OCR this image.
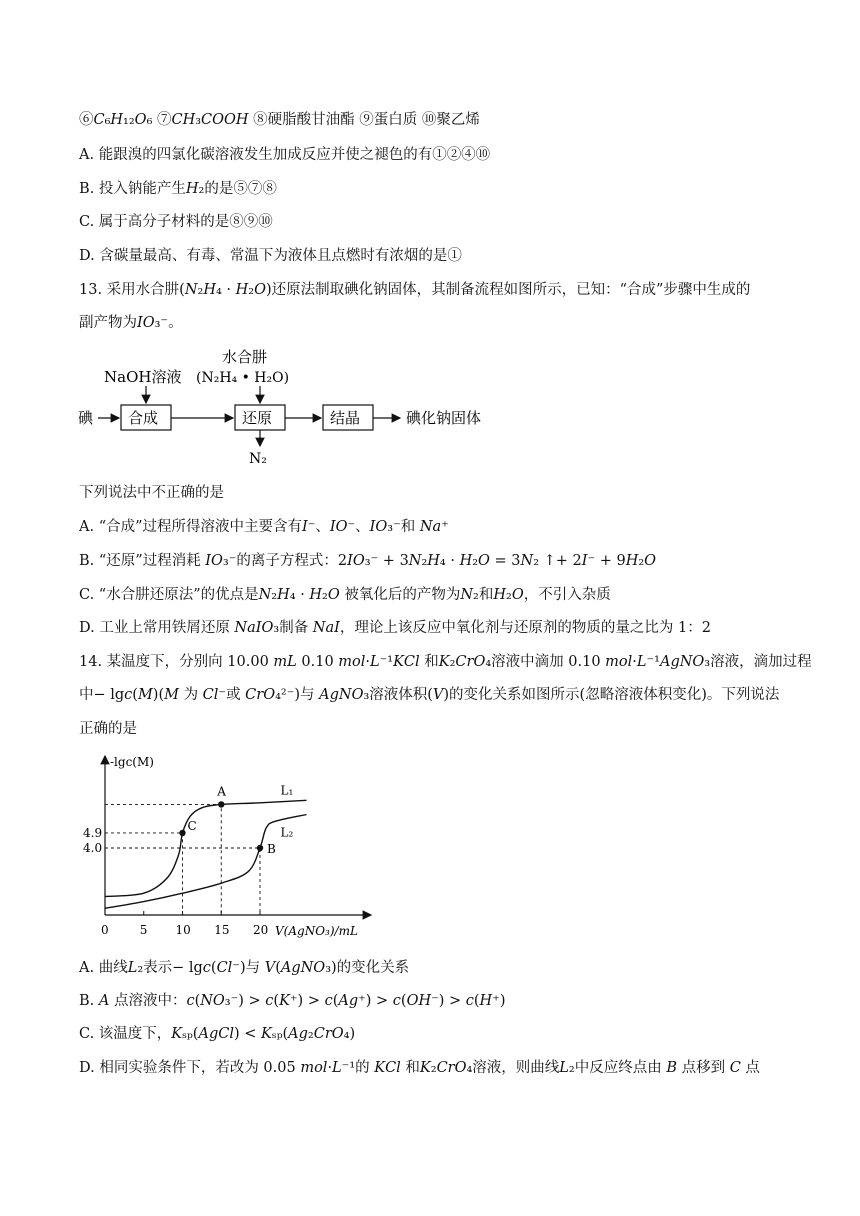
⑥𝐶₆𝐻₁₂𝑂₆ ⑦𝐶𝐻₃𝐶𝑂𝑂𝐻 ⑧硬脂酸甘油酯 ⑨蛋白质 ⑩聚乙烯
A. 能跟溴的四氯化碳溶液发生加成反应并使之褪色的有①②④⑩
B. 投入钠能产生𝐻₂的是⑤⑦⑧
C. 属于高分子材料的是⑧⑨⑩
D. 含碳量最高、有毒、常温下为液体且点燃时有浓烟的是①
13. 采用水合肼(𝑁₂𝐻₄ · 𝐻₂𝑂)还原法制取碘化钠固体，其制备流程如图所示，已知：“合成”步骤中生成的
副产物为𝐼𝑂₃⁻。
碘 合成
NaOH溶液
还原
水合肼
(N₂H₄ • H₂O)
N₂
结晶	碘化钠固体
下列说法中不正确的是
A. “合成”过程所得溶液中主要含有𝐼⁻、𝐼𝑂⁻、𝐼𝑂₃⁻和 𝑁𝑎⁺
B. “还原”过程消耗 𝐼𝑂₃⁻的离子方程式：2𝐼𝑂₃⁻ + 3𝑁₂𝐻₄ · 𝐻₂𝑂 = 3𝑁₂ ↑+ 2𝐼⁻ + 9𝐻₂𝑂
C. “水合肼还原法”的优点是𝑁₂𝐻₄ · 𝐻₂𝑂 被氧化后的产物为𝑁₂和𝐻₂𝑂，不引入杂质
D. 工业上常用铁屑还原 𝑁𝑎𝐼𝑂₃制备 𝑁𝑎𝐼，理论上该反应中氧化剂与还原剂的物质的量之比为 1：2
14. 某温度下，分别向 10.00 𝑚𝐿 0.10 𝑚𝑜𝑙·𝐿⁻¹𝐾𝐶𝑙 和𝐾₂𝐶𝑟𝑂₄溶液中滴加 0.10 𝑚𝑜𝑙·𝐿⁻¹𝐴𝑔𝑁𝑂₃溶液，滴加过程
中− lg𝑐(𝑀)(𝑀 为 𝐶𝑙⁻或 𝐶𝑟𝑂₄²⁻)与 𝐴𝑔𝑁𝑂₃溶液体积(𝑉)的变化关系如图所示(忽略溶液体积变化)。下列说法
正确的是
-lgc(M)
V(AgNO₃)/mL
0	5 10 15 20
4.9
4.0
L₁
L₂
A
B
C
A. 曲线𝐿₂表示− lg𝑐(𝐶𝑙⁻)与 𝑉(𝐴𝑔𝑁𝑂₃)的变化关系
B. 𝐴 点溶液中：𝑐(𝑁𝑂₃⁻) > 𝑐(𝐾⁺) > 𝑐(𝐴𝑔⁺) > 𝑐(𝑂𝐻⁻) > 𝑐(𝐻⁺)
C. 该温度下，𝐾ₛₚ(𝐴𝑔𝐶𝑙) < 𝐾ₛₚ(𝐴𝑔₂𝐶𝑟𝑂₄)
D. 相同实验条件下，若改为 0.05 𝑚𝑜𝑙·𝐿⁻¹的 𝐾𝐶𝑙 和𝐾₂𝐶𝑟𝑂₄溶液，则曲线𝐿₂中反应终点由 𝐵 点移到 𝐶 点
